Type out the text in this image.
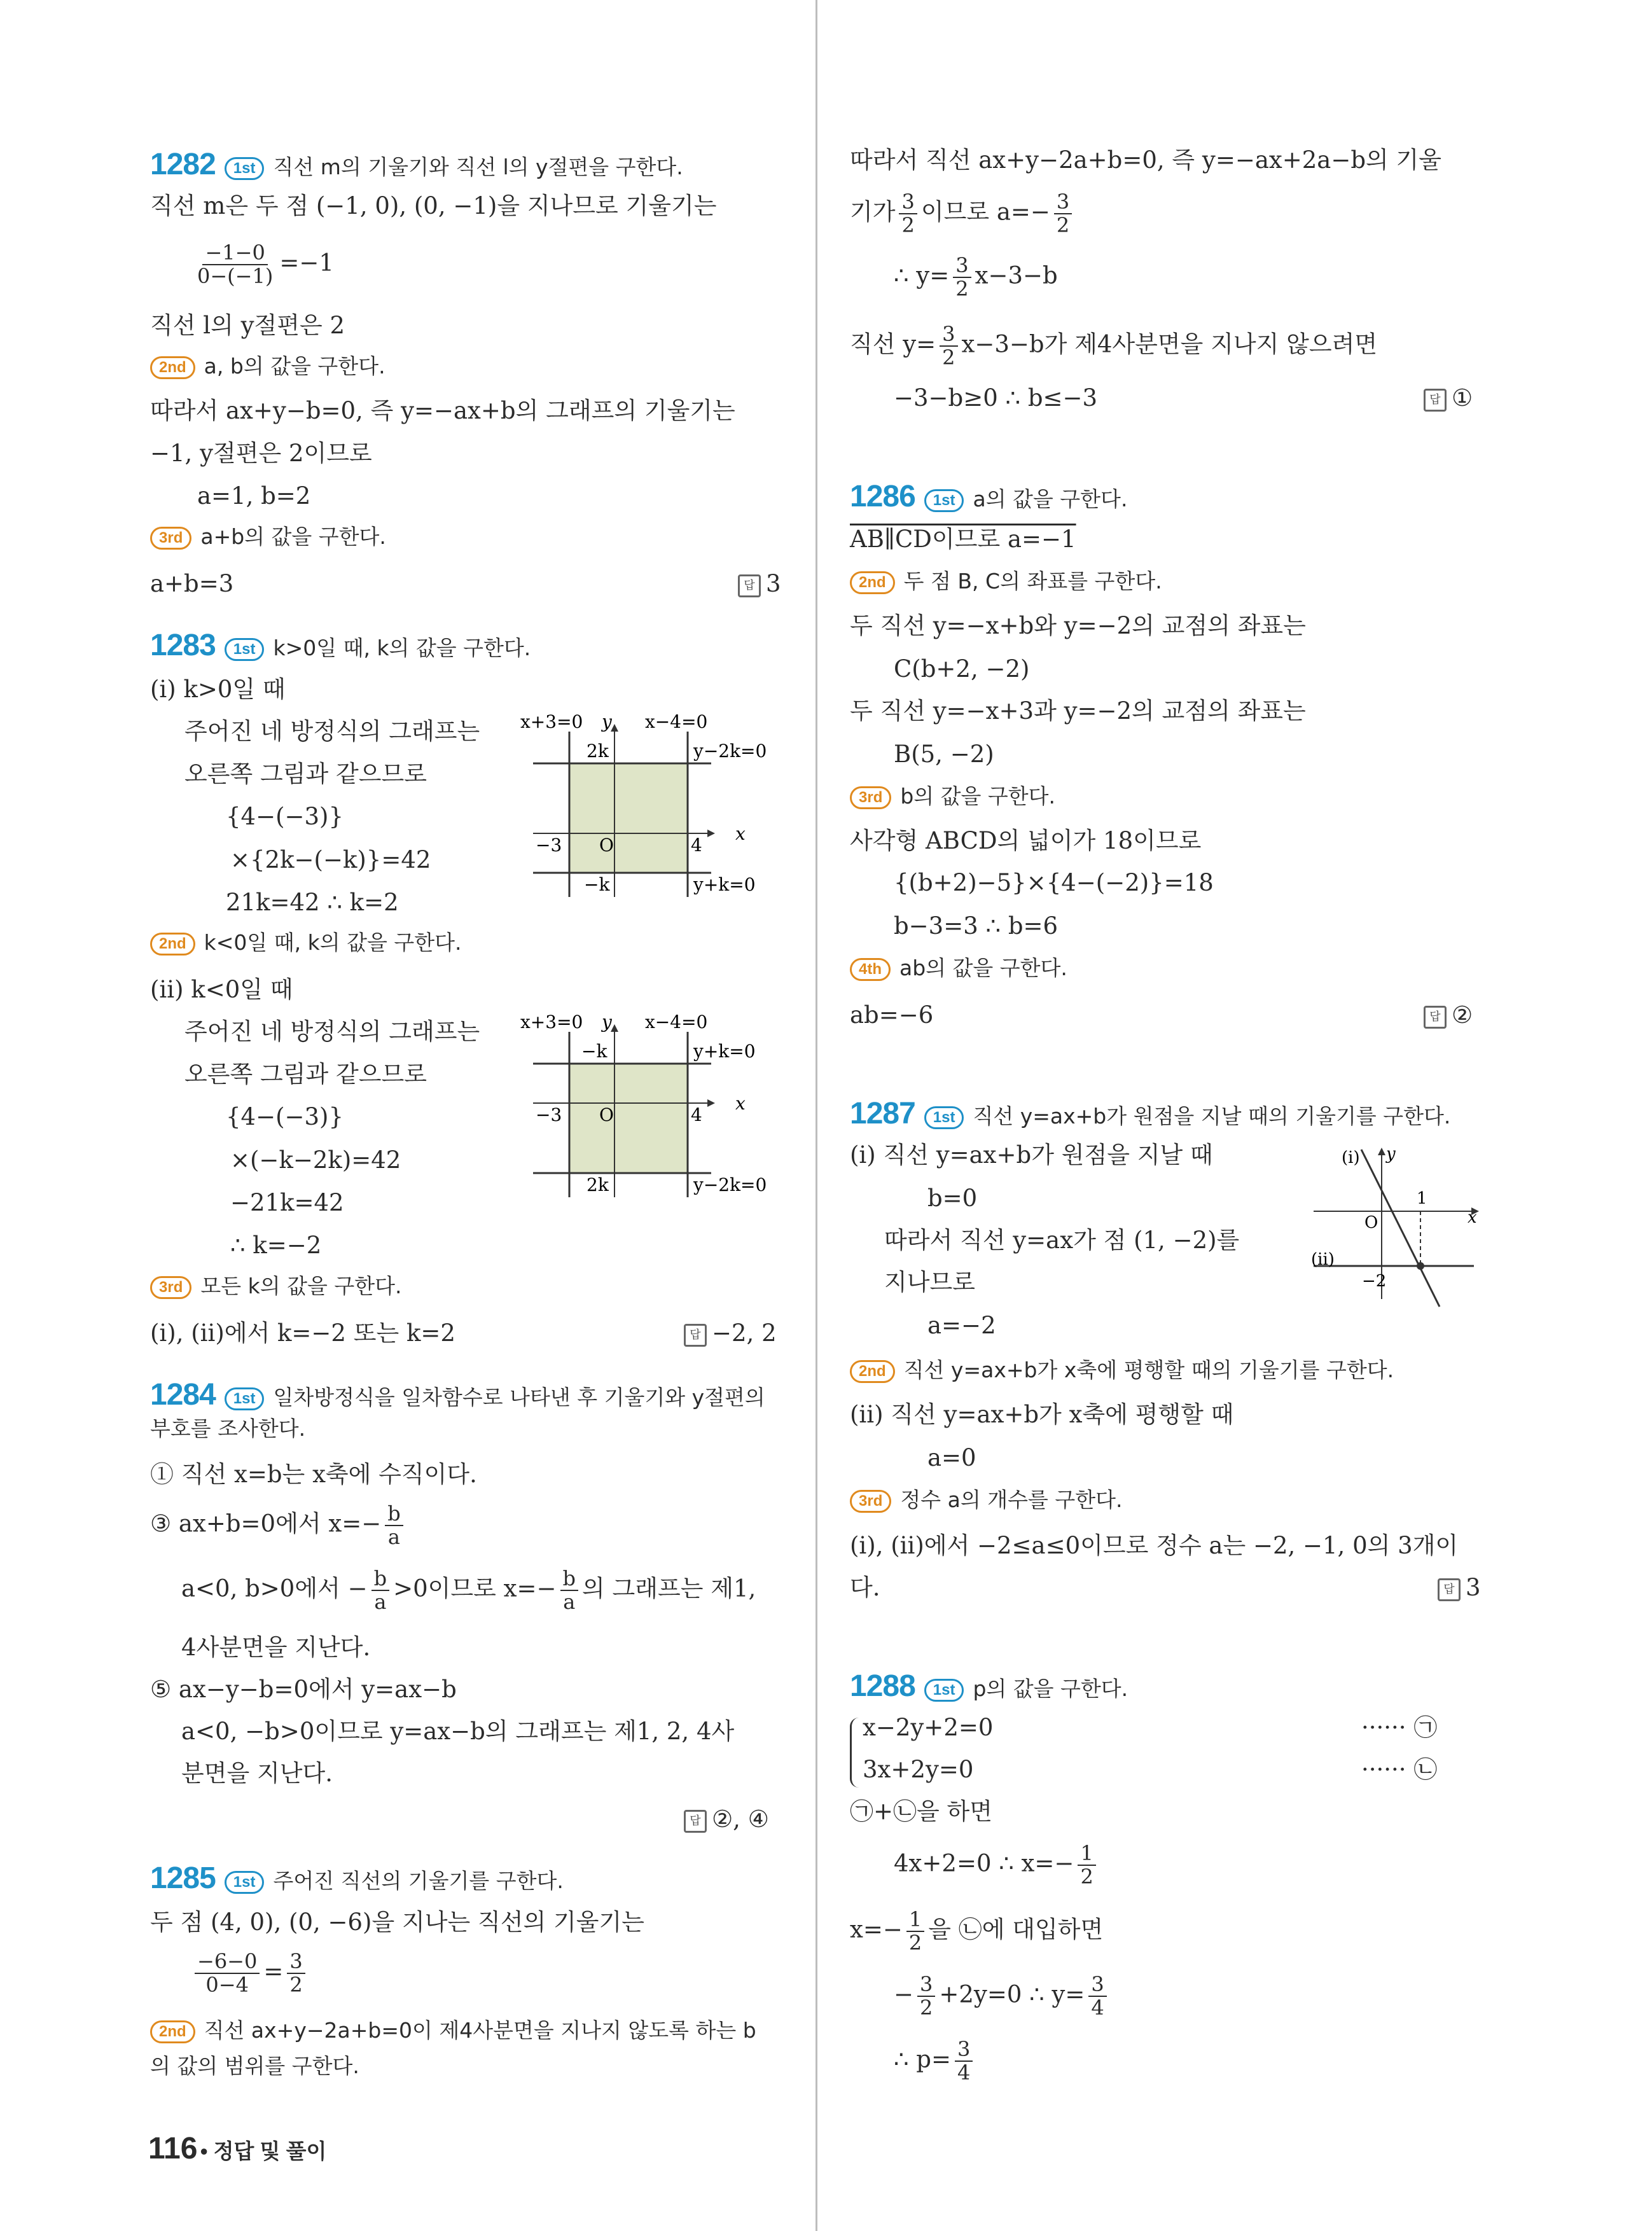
1282 1st 직선 m의 기울기와 직선 l의 y절편을 구한다.
직선 m은 두 점 (−1, 0), (0, −1)을 지나므로 기울기는
$\frac{-1-0}{0-(-1)} =-1$
직선 l의 y절편은 2
2nd a, b의 값을 구한다.
따라서 ax+y−b=0, 즉 y=−ax+b의 그래프의 기울기는
−1, y절편은 2이므로
a=1, b=2
3rd a+b의 값을 구한다.
a+b=3	답 3
1283 1st k>0일 때, k의 값을 구한다.
(i) k>0일 때
주어진 네 방정식의 그래프는
오른쪽 그림과 같으므로
{4−(−3)}
×{2k−(−k)}=42
21k=42 ∴ k=2
x+3=0 y x−4=0
2k	y−2k=0
−3 O	4
x
−k	y+k=0
2nd k<0일 때, k의 값을 구한다.
(ii) k<0일 때
주어진 네 방정식의 그래프는
오른쪽 그림과 같으므로
{4−(−3)}
×(−k−2k)=42
−21k=42
∴ k=−2
x+3=0 y x−4=0
−k	y+k=0
−3 O	4
x
2k	y−2k=0
3rd 모든 k의 값을 구한다.
(i), (ii)에서 k=−2 또는 k=2	답 −2, 2
1284 1st 일차방정식을 일차함수로 나타낸 후 기울기와 y절편의
부호를 조사한다.
① 직선 x=b는 x축에 수직이다.
③ ax+b=0에서 $x=- \frac{b}{a}$
a<0, b>0에서 − $\frac{b}{a} >0$이므로 $x=- \frac{b}{a}$ 의 그래프는 제1,
4사분면을 지난다.
⑤ ax−y−b=0에서 y=ax−b
a<0, −b>0이므로 y=ax−b의 그래프는 제1, 2, 4사
분면을 지난다.
답 ②, ④
1285 1st 주어진 직선의 기울기를 구한다.
두 점 (4, 0), (0, −6)을 지나는 직선의 기울기는
$\frac{-6-0}{0-4} = \frac{3}{2}$
2nd 직선 ax+y−2a+b=0이 제4사분면을 지나지 않도록 하는 b
의 값의 범위를 구한다.
116 • 정답 및 풀이
따라서 직선 ax+y−2a+b=0, 즉 y=−ax+2a−b의 기울
기가 $\frac{3}{2}$ 이므로 $a=- \frac{3}{2}$
∴ $y= \frac{3}{2} x-3-b$
직선 $y= \frac{3}{2} x-3-b$가 제4사분면을 지나지 않으려면
−3−b≥0 ∴ b≤−3	답 ①
1286 1st a의 값을 구한다.
AB∥CD이므로 a=−1
2nd 두 점 B, C의 좌표를 구한다.
두 직선 y=−x+b와 y=−2의 교점의 좌표는
C(b+2, −2)
두 직선 y=−x+3과 y=−2의 교점의 좌표는
B(5, −2)
3rd b의 값을 구한다.
사각형 ABCD의 넓이가 18이므로
{(b+2)−5}×{4−(−2)}=18
b−3=3 ∴ b=6
4th ab의 값을 구한다.
ab=−6	답 ②
1287 1st 직선 y=ax+b가 원점을 지날 때의 기울기를 구한다.
(i) 직선 y=ax+b가 원점을 지날 때
b=0
따라서 직선 y=ax가 점 (1, −2)를
지나므로
a=−2
(i) y
1
O	x
(ii)
−2
2nd 직선 y=ax+b가 x축에 평행할 때의 기울기를 구한다.
(ii) 직선 y=ax+b가 x축에 평행할 때
a=0
3rd 정수 a의 개수를 구한다.
(i), (ii)에서 −2≤a≤0이므로 정수 a는 −2, −1, 0의 3개이
다.	답 3
1288 1st p의 값을 구한다.
x−2y+2=0	······ ㉠
3x+2y=0	······ ㉡
㉠+㉡을 하면
4x+2=0 ∴ $x=- \frac{1}{2}$
$x=- \frac{1}{2}$ 을 ㉡에 대입하면
− $\frac{3}{2} +2y=0$ ∴ $y= \frac{3}{4}$
∴ $p= \frac{3}{4}$
